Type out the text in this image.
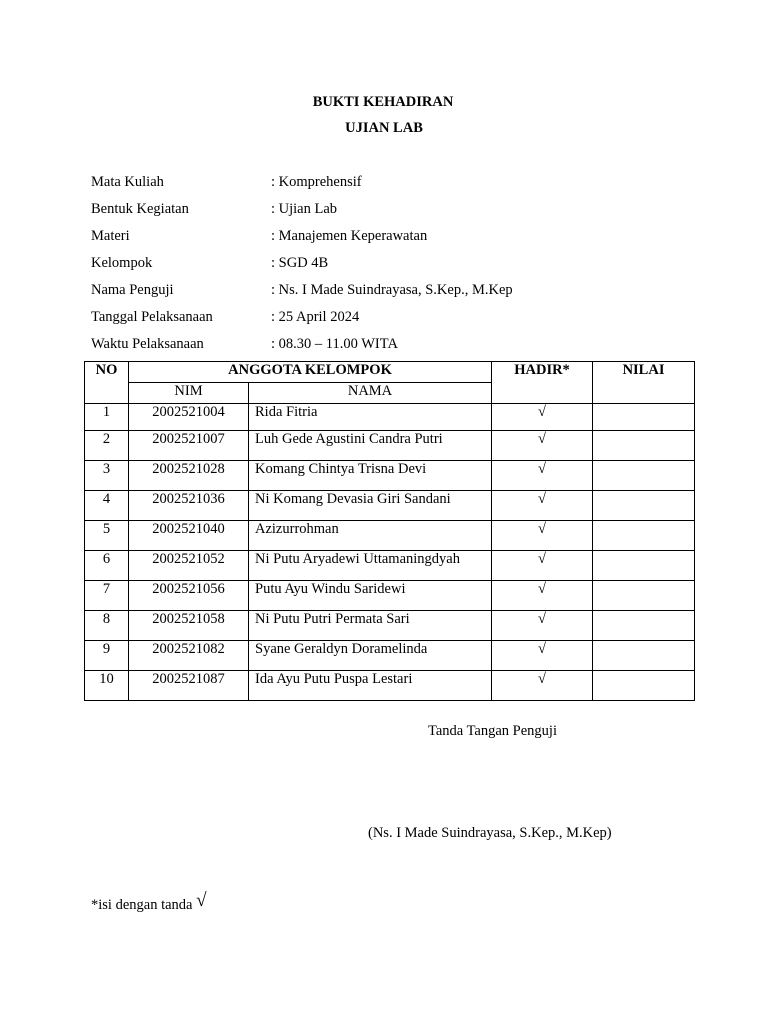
BUKTI KEHADIRAN
UJIAN LAB
Mata Kuliah	: Komprehensif
Bentuk Kegiatan	: Ujian Lab
Materi	: Manajemen Keperawatan
Kelompok	: SGD 4B
Nama Penguji	: Ns. I Made Suindrayasa, S.Kep., M.Kep
Tanggal Pelaksanaan	: 25 April 2024
Waktu Pelaksanaan	: 08.30 – 11.00 WITA
NO	ANGGOTA KELOMPOK		HADIR*	NILAI
	NIM	NAMA		
1	2002521004	Rida Fitria	√	
2	2002521007	Luh Gede Agustini Candra Putri	√	
3	2002521028	Komang Chintya Trisna Devi	√	
4	2002521036	Ni Komang Devasia Giri Sandani	√	
5	2002521040	Azizurrohman	√	
6	2002521052	Ni Putu Aryadewi Uttamaningdyah	√	
7	2002521056	Putu Ayu Windu Saridewi	√	
8	2002521058	Ni Putu Putri Permata Sari	√	
9	2002521082	Syane Geraldyn Doramelinda	√	
10	2002521087	Ida Ayu Putu Puspa Lestari	√	
Tanda Tangan Penguji
(Ns. I Made Suindrayasa, S.Kep., M.Kep)
*isi dengan tanda √
